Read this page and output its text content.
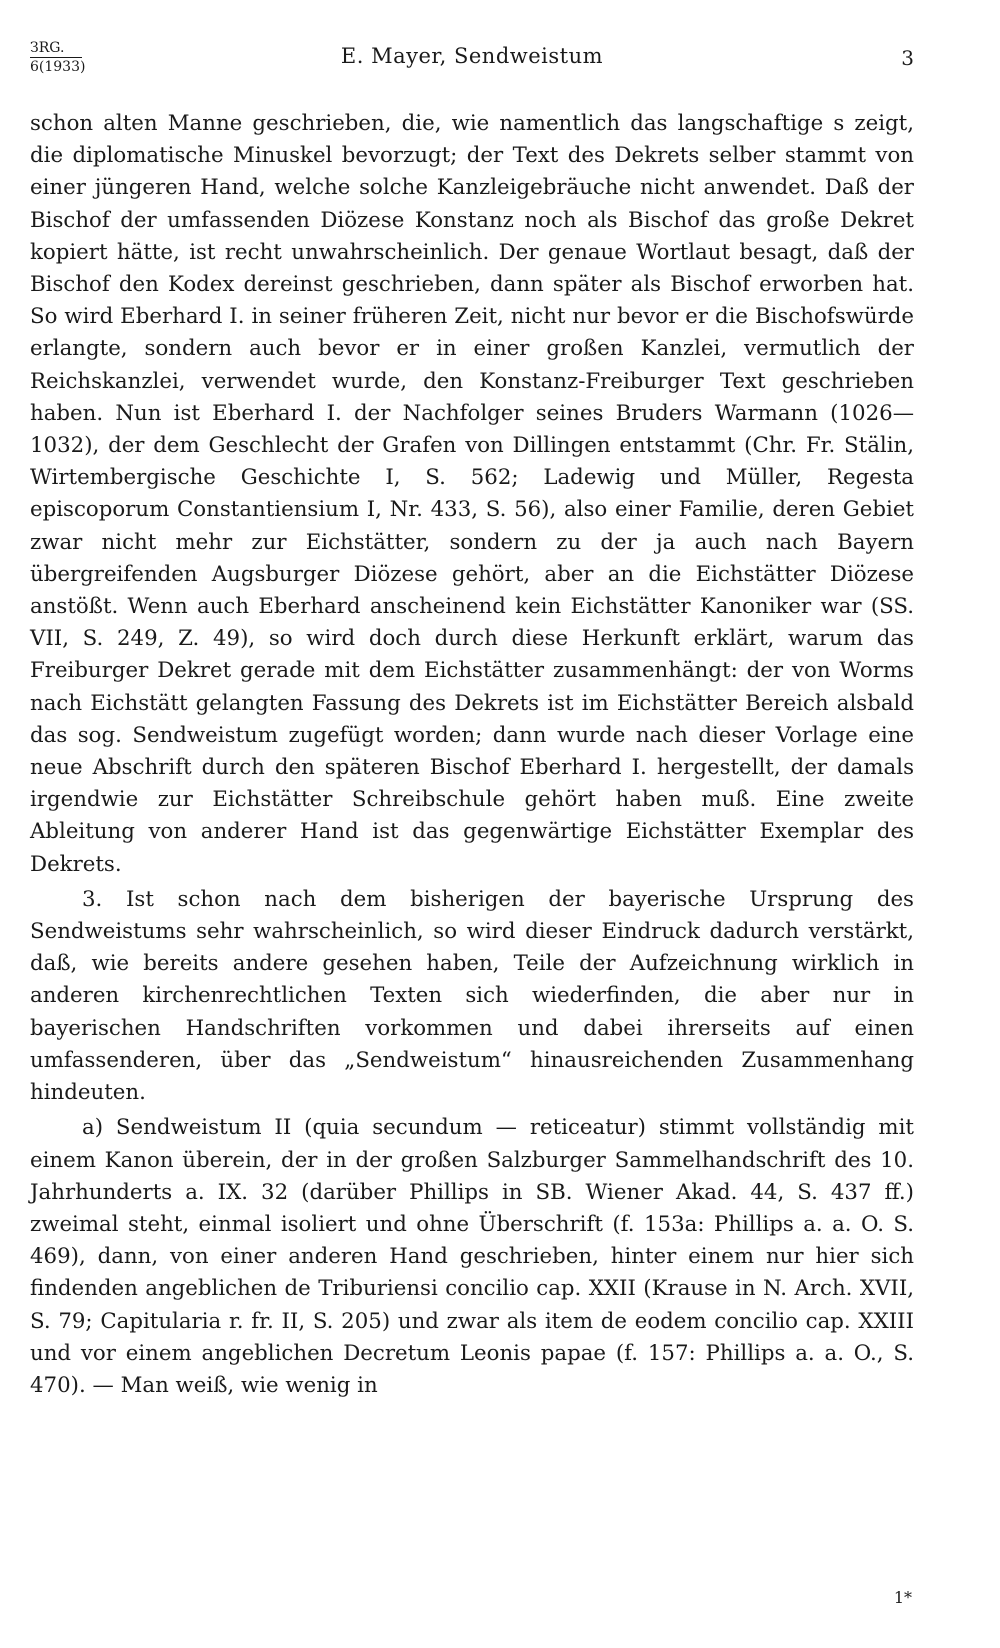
ЗRG.
6(1933)	E. Mayer, Sendweistum	3

schon alten Manne geschrieben, die, wie namentlich das langschaftige s zeigt, die diplomatische Minuskel bevorzugt; der Text des Dekrets selber stammt von einer jüngeren Hand, welche solche Kanzleigebräuche nicht anwendet. Daß der Bischof der umfassenden Diözese Konstanz noch als Bischof das große Dekret kopiert hätte, ist recht unwahrscheinlich. Der genaue Wortlaut besagt, daß der Bischof den Kodex dereinst geschrieben, dann später als Bischof erworben hat. So wird Eberhard I. in seiner früheren Zeit, nicht nur bevor er die Bischofswürde erlangte, sondern auch bevor er in einer großen Kanzlei, vermutlich der Reichskanzlei, verwendet wurde, den Konstanz-Freiburger Text geschrieben haben. Nun ist Eberhard I. der Nachfolger seines Bruders Warmann (1026—1032), der dem Geschlecht der Grafen von Dillingen entstammt (Chr. Fr. Stälin, Wirtembergische Geschichte I, S. 562; Ladewig und Müller, Regesta episcoporum Constantiensium I, Nr. 433, S. 56), also einer Familie, deren Gebiet zwar nicht mehr zur Eichstätter, sondern zu der ja auch nach Bayern übergreifenden Augsburger Diözese gehört, aber an die Eichstätter Diözese anstößt. Wenn auch Eberhard anscheinend kein Eichstätter Kanoniker war (SS. VII, S. 249, Z. 49), so wird doch durch diese Herkunft erklärt, warum das Freiburger Dekret gerade mit dem Eichstätter zusammenhängt: der von Worms nach Eichstätt gelangten Fassung des Dekrets ist im Eichstätter Bereich alsbald das sog. Sendweistum zugefügt worden; dann wurde nach dieser Vorlage eine neue Abschrift durch den späteren Bischof Eberhard I. hergestellt, der damals irgendwie zur Eichstätter Schreibschule gehört haben muß. Eine zweite Ableitung von anderer Hand ist das gegenwärtige Eichstätter Exemplar des Dekrets.

3. Ist schon nach dem bisherigen der bayerische Ursprung des Sendweistums sehr wahrscheinlich, so wird dieser Eindruck dadurch verstärkt, daß, wie bereits andere gesehen haben, Teile der Aufzeichnung wirklich in anderen kirchenrechtlichen Texten sich wiederfinden, die aber nur in bayerischen Handschriften vorkommen und dabei ihrerseits auf einen umfassenderen, über das „Sendweistum“ hinausreichenden Zusammenhang hindeuten.

a) Sendweistum II (quia secundum — reticeatur) stimmt vollständig mit einem Kanon überein, der in der großen Salzburger Sammelhandschrift des 10. Jahrhunderts a. IX. 32 (darüber Phillips in SB. Wiener Akad. 44, S. 437 ff.) zweimal steht, einmal isoliert und ohne Überschrift (f. 153a: Phillips a. a. O. S. 469), dann, von einer anderen Hand geschrieben, hinter einem nur hier sich findenden angeblichen de Triburiensi concilio cap. XXII (Krause in N. Arch. XVII, S. 79; Capitularia r. fr. II, S. 205) und zwar als item de eodem concilio cap. XXIII und vor einem angeblichen Decretum Leonis papae (f. 157: Phillips a. a. O., S. 470). — Man weiß, wie wenig in

1*
